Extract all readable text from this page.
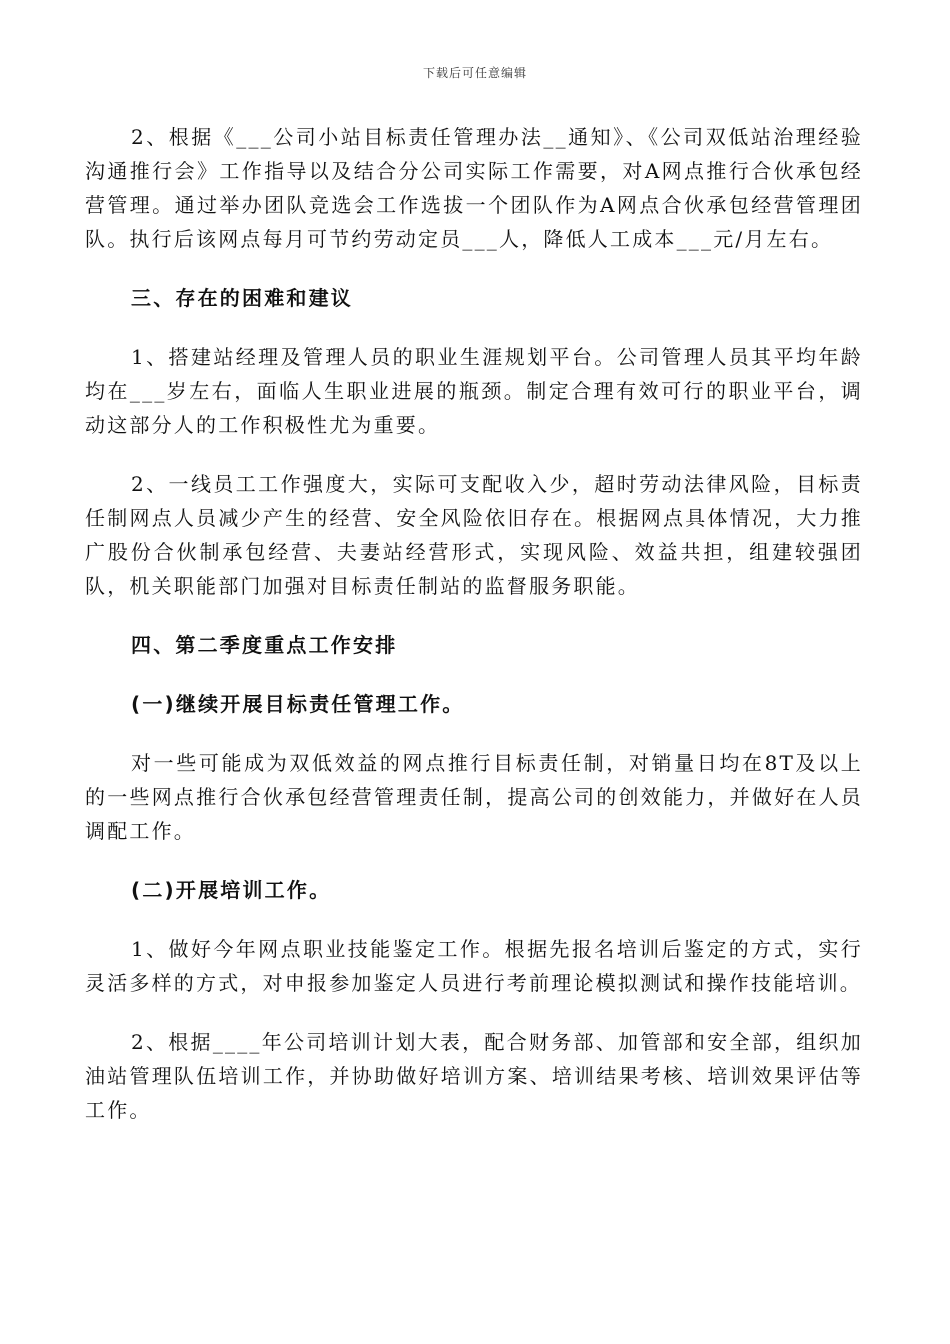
下载后可任意编辑

2、根据《___公司小站目标责任管理办法__通知》、《公司双低站治理经验沟通推行会》工作指导以及结合分公司实际工作需要，对A网点推行合伙承包经营管理。通过举办团队竞选会工作选拔一个团队作为A网点合伙承包经营管理团队。执行后该网点每月可节约劳动定员___人，降低人工成本___元/月左右。

三、存在的困难和建议

1、搭建站经理及管理人员的职业生涯规划平台。公司管理人员其平均年龄均在___岁左右，面临人生职业进展的瓶颈。制定合理有效可行的职业平台，调动这部分人的工作积极性尤为重要。

2、一线员工工作强度大，实际可支配收入少，超时劳动法律风险，目标责任制网点人员减少产生的经营、安全风险依旧存在。根据网点具体情况，大力推广股份合伙制承包经营、夫妻站经营形式，实现风险、效益共担，组建较强团队，机关职能部门加强对目标责任制站的监督服务职能。

四、第二季度重点工作安排

(一)继续开展目标责任管理工作。

对一些可能成为双低效益的网点推行目标责任制，对销量日均在8T及以上的一些网点推行合伙承包经营管理责任制，提高公司的创效能力，并做好在人员调配工作。

(二)开展培训工作。

1、做好今年网点职业技能鉴定工作。根据先报名培训后鉴定的方式，实行灵活多样的方式，对申报参加鉴定人员进行考前理论模拟测试和操作技能培训。

2、根据____年公司培训计划大表，配合财务部、加管部和安全部，组织加油站管理队伍培训工作，并协助做好培训方案、培训结果考核、培训效果评估等工作。
